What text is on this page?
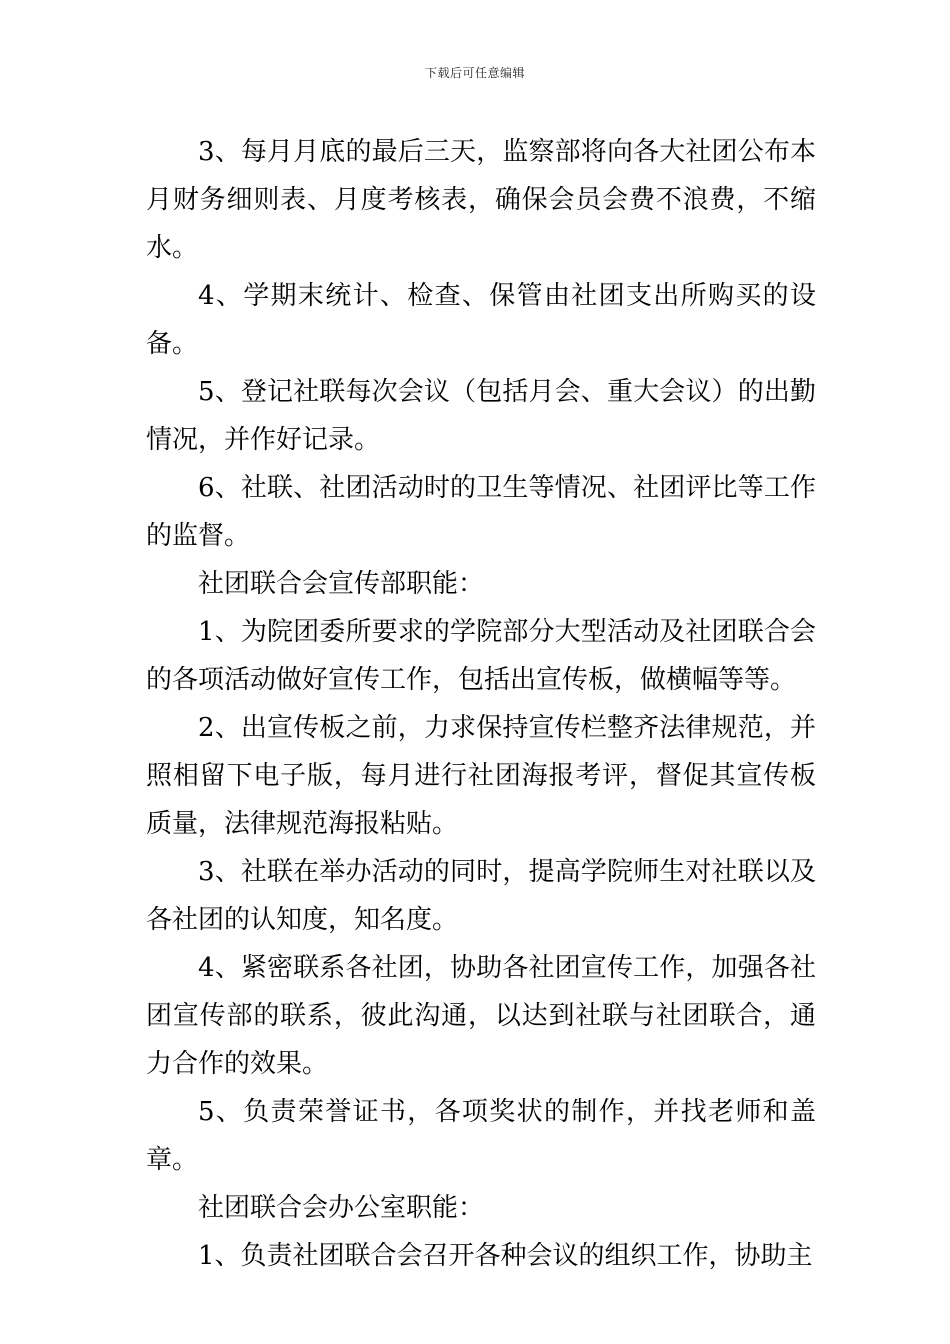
下载后可任意编辑

3、每月月底的最后三天，监察部将向各大社团公布本月财务细则表、月度考核表，确保会员会费不浪费，不缩水。

4、学期末统计、检查、保管由社团支出所购买的设备。

5、登记社联每次会议（包括月会、重大会议）的出勤情况，并作好记录。

6、社联、社团活动时的卫生等情况、社团评比等工作的监督。

社团联合会宣传部职能：

1、为院团委所要求的学院部分大型活动及社团联合会的各项活动做好宣传工作，包括出宣传板，做横幅等等。

2、出宣传板之前，力求保持宣传栏整齐法律规范，并照相留下电子版，每月进行社团海报考评，督促其宣传板质量，法律规范海报粘贴。

3、社联在举办活动的同时，提高学院师生对社联以及各社团的认知度，知名度。

4、紧密联系各社团，协助各社团宣传工作，加强各社团宣传部的联系，彼此沟通，以达到社联与社团联合，通力合作的效果。

5、负责荣誉证书，各项奖状的制作，并找老师和盖章。

社团联合会办公室职能：

1、负责社团联合会召开各种会议的组织工作，协助主
